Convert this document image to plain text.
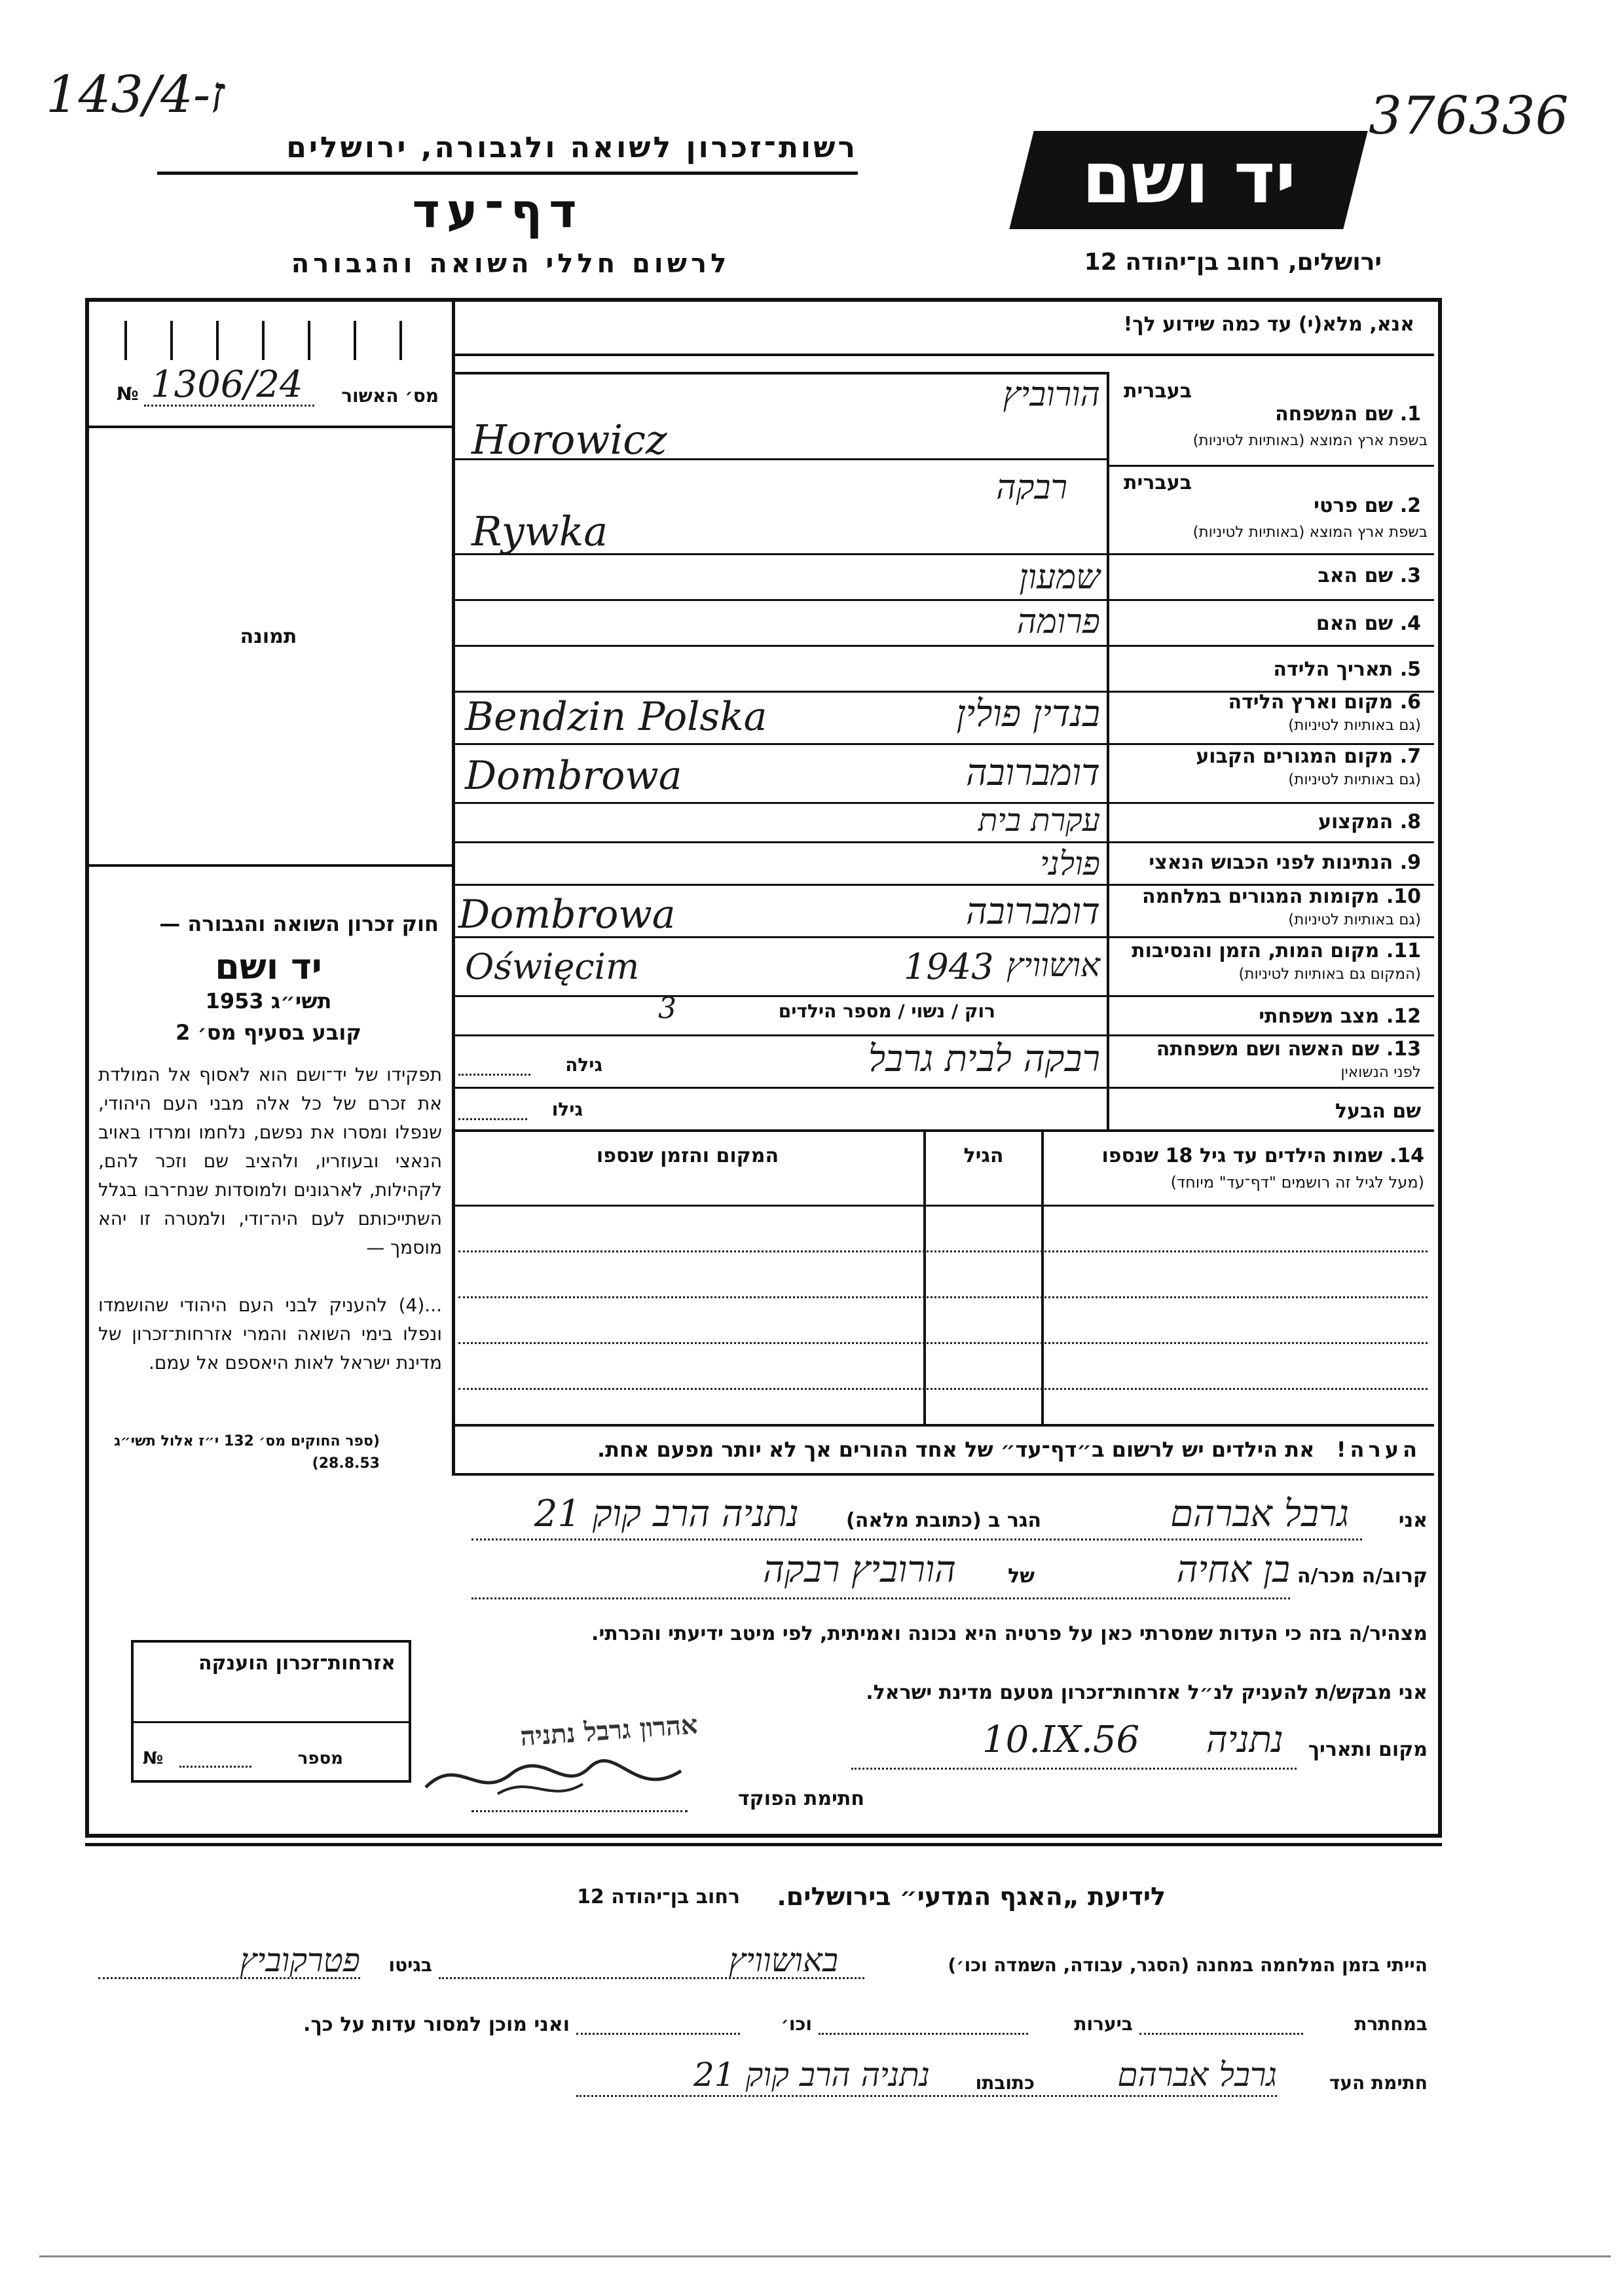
143/ז-4	376336
רשות־זכרון לשואה ולגבורה, ירושלים
דף־עד
לרשום חללי השואה והגבורה
יד ושם
ירושלים, רחוב בן־יהודה 12
אנא, מלא(י) עד כמה שידוע לך!
№ 1306/24	מס׳ האשור
תמונה
חוק זכרון השואה והגבורה —
יד ושם
תשי״ג 1953
קובע בסעיף מס׳ 2
תפקידו של יד־ושם הוא לאסוף אל המולדת את זכרם של כל אלה מבני העם היהודי, שנפלו ומסרו את נפשם, נלחמו ומרדו באויב הנאצי ובעוזריו, ולהציב שם וזכר להם, לקהילות, לארגונים ולמוסדות שנח־רבו בגלל השתייכותם לעם היה־ודי, ולמטרה זו יהא מוסמך —
...(4) להעניק לבני העם היהודי שהושמדו ונפלו בימי השואה והמרי אזרחות־זכרון של מדינת ישראל לאות היאספם אל עמם.
(ספר החוקים מס׳ 132 י״ז אלול תשי״ג 28.8.53)
בעברית
1. שם המשפחה
בשפת ארץ המוצא (באותיות לטיניות)
הורוביץ
Horowicz
בעברית
2. שם פרטי
בשפת ארץ המוצא (באותיות לטיניות)
רבקה
Rywka
3. שם האב
שמעון
4. שם האם
פרומה
5. תאריך הלידה
6. מקום וארץ הלידה
(גם באותיות לטיניות)
Bendzin Polska	בנדין פולין
7. מקום המגורים הקבוע
(גם באותיות לטיניות)
Dombrowa	דומברובה
8. המקצוע
עקרת בית
9. הנתינות לפני הכבוש הנאצי
פולני
10. מקומות המגורים במלחמה
(גם באותיות לטיניות)
Dombrowa	דומברובה
11. מקום המות, הזמן והנסיבות
(המקום גם באותיות לטיניות)
Oświęcim	1943 אושוויץ
12. מצב משפחתי
רוק / נשוי / מספר הילדים
3
13. שם האשה ושם משפחתה
לפני הנשואין
רבקה לבית גרבל
גילה
שם הבעל
גילו
14. שמות הילדים עד גיל 18 שנספו
(מעל לגיל זה רושמים "דף־עד" מיוחד)
הגיל
המקום והזמן שנספו
הערה!   את הילדים יש לרשום ב״דף־עד״ של אחד ההורים אך לא יותר מפעם אחת.
אני
גרבל אברהם
הגר ב (כתובת מלאה)
נתניה הרב קוק 21
קרוב/ה מכר/ה
בן אחיה
של
הורוביץ רבקה
מצהיר/ה בזה כי העדות שמסרתי כאן על פרטיה היא נכונה ואמיתית, לפי מיטב ידיעתי והכרתי.
אני מבקש/ת להעניק לנ״ל אזרחות־זכרון מטעם מדינת ישראל.
מקום ותאריך
נתניה
10.IX.56
אהרון גרבל נתניה
חתימת הפוקד
אזרחות־זכרון הוענקה
מספר
№
לידיעת „האגף המדעי״ בירושלים.
רחוב בן־יהודה 12
הייתי בזמן המלחמה במחנה (הסגר, עבודה, השמדה וכו׳)
באושוויץ
בגיטו
פטרקוביץ
במחתרת
ביערות
וכו׳
ואני מוכן למסור עדות על כך.
חתימת העד
גרבל אברהם
כתובתו
נתניה הרב קוק 21
